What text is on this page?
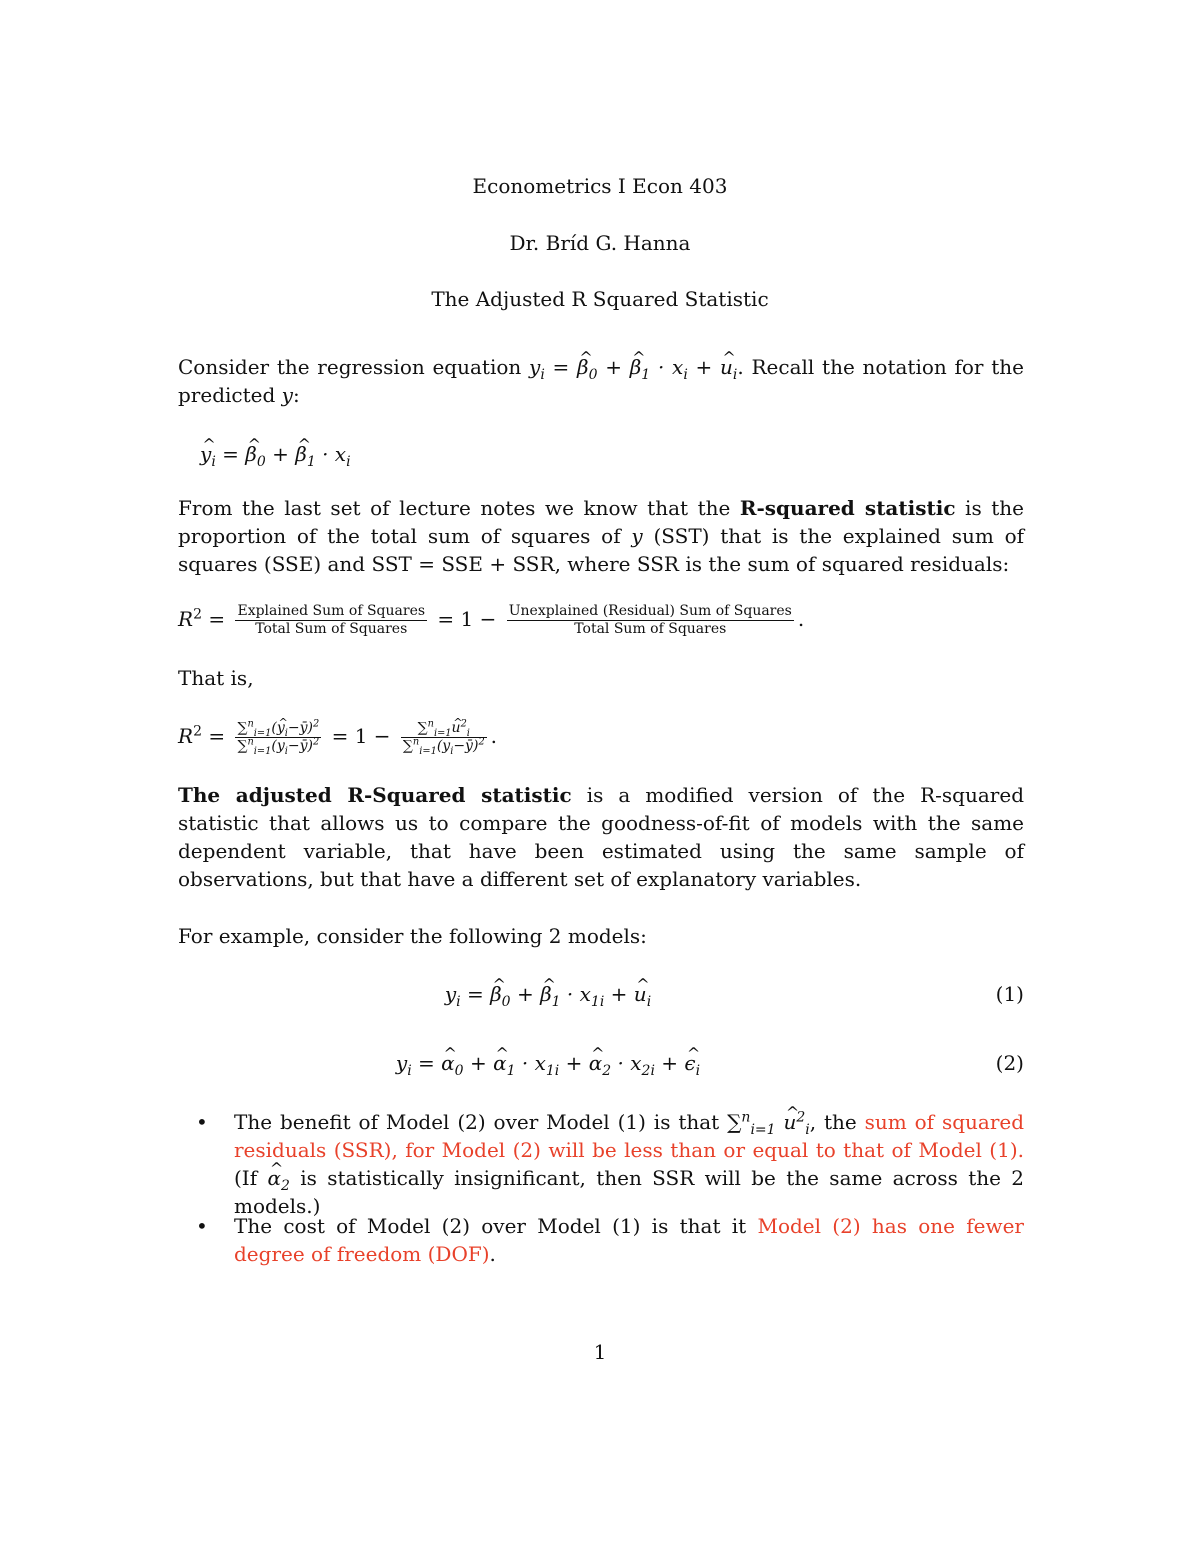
Econometrics I Econ 403
Dr. Bríd G. Hanna
The Adjusted R Squared Statistic
Consider the regression equation $y_i$ = ^ $\beta_0$ + ^ $\beta_1 \cdot x_i$ + ^ $u_i$. Recall the notation for the predicted y:
^ $y_i$ = ^ $\beta_0$ + ^ $\beta_1 \cdot x_i$
From the last set of lecture notes we know that the R-squared statistic is the proportion of the total sum of squares of y (SST) that is the explained sum of squares (SSE) and SST = SSE + SSR, where SSR is the sum of squared residuals:
$R^2 = \frac{\text{Explained Sum of Squares}}{\text{Total Sum of Squares}} = 1 - \frac{\text{Unexplained (Residual) Sum of Squares}}{\text{Total Sum of Squares}}$ .
That is,
$R^2 = \frac{\sum^n_{i=1}(\^{} y_i-ȳ)^2}{\sum^n_{i=1}(y_i-ȳ)^2} = 1 - \frac{\sum^n_{i=1}\^{} u^2_i}{\sum^n_{i=1}(y_i-ȳ)^2}$ .
The adjusted R-Squared statistic is a modified version of the R-squared statistic that allows us to compare the goodness-of-fit of models with the same dependent variable, that have been estimated using the same sample of observations, but that have a different set of explanatory variables.
For example, consider the following 2 models:
$y_i$ = ^ $\beta_0$ + ^ $\beta_1 \cdot x_{1i}$ + ^ $u_i$	(1)
$y_i$ = ^ $\alpha_0$ + ^ $\alpha_1 \cdot x_{1i}$ + ^ $\alpha_2 \cdot x_{2i}$ + ^ $\epsilon_i$	(2)
• The benefit of Model (2) over Model (1) is that ∑$^n_{i=1}$ ^ $u^2_i$, the sum of squared residuals (SSR), for Model (2) will be less than or equal to that of Model (1). (If ^ $\alpha_2$ is statistically insignificant, then SSR will be the same across the 2 models.)
• The cost of Model (2) over Model (1) is that it Model (2) has one fewer degree of freedom (DOF).
1
